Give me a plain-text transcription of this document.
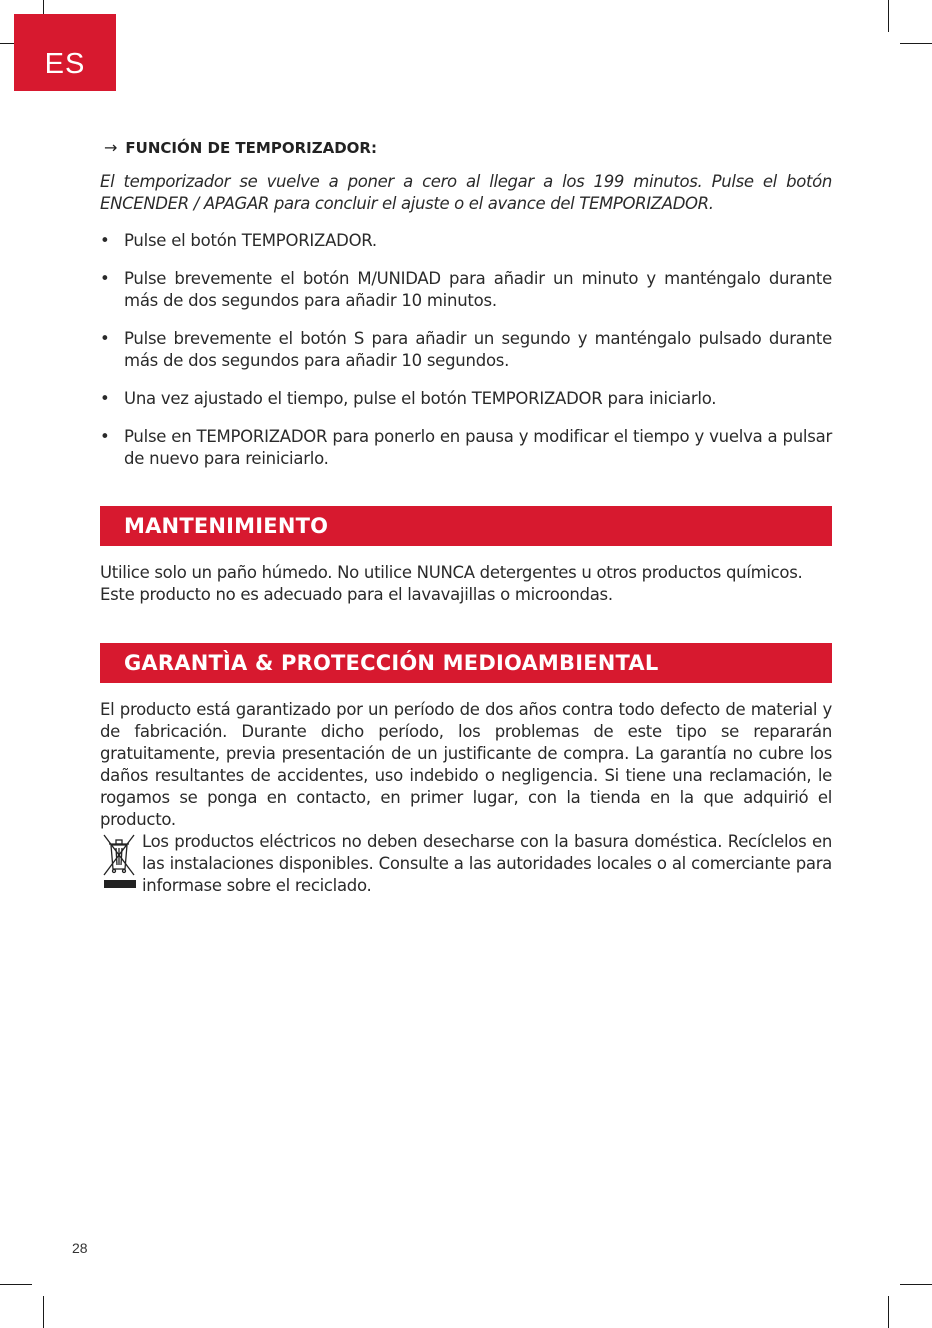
ES
→ FUNCIÓN DE TEMPORIZADOR:

El temporizador se vuelve a poner a cero al llegar a los 199 minutos. Pulse el botón ENCENDER / APAGAR para concluir el ajuste o el avance del TEMPORIZADOR.

• Pulse el botón TEMPORIZADOR.
• Pulse brevemente el botón M/UNIDAD para añadir un minuto y manténgalo durante más de dos segundos para añadir 10 minutos.
• Pulse brevemente el botón S para añadir un segundo y manténgalo pulsado durante más de dos segundos para añadir 10 segundos.
• Una vez ajustado el tiempo, pulse el botón TEMPORIZADOR para iniciarlo.
• Pulse en TEMPORIZADOR para ponerlo en pausa y modificar el tiempo y vuelva a pulsar de nuevo para reiniciarlo.
MANTENIMIENTO

Utilice solo un paño húmedo. No utilice NUNCA detergentes u otros productos químicos.

Este producto no es adecuado para el lavavajillas o microondas.

GARANTÌA & PROTECCIÓN MEDIOAMBIENTAL

El producto está garantizado por un período de dos años contra todo defecto de material y de fabricación. Durante dicho período, los problemas de este tipo se repararán gratuitamente, previa presentación de un justificante de compra. La garantía no cubre los daños resultantes de accidentes, uso indebido o negligencia. Si tiene una reclamación, le rogamos se ponga en contacto, en primer lugar, con la tienda en la que adquirió el producto.

Los productos eléctricos no deben desecharse con la basura doméstica. Recíclelos en las instalaciones disponibles. Consulte a las autoridades locales o al comerciante para informase sobre el reciclado.

28
